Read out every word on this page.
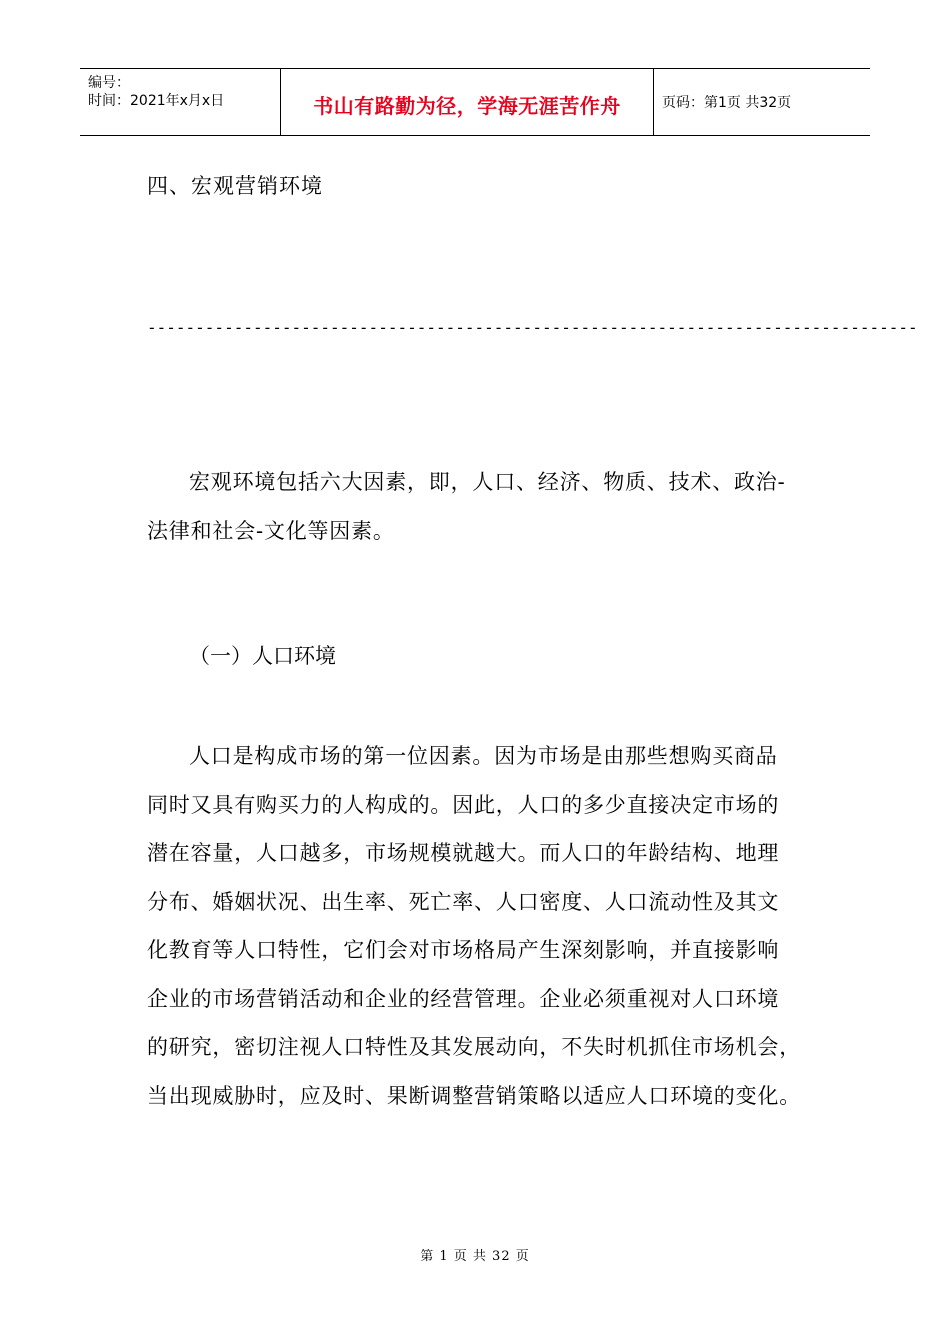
编号：
时间：2021年x月x日	书山有路勤为径，学海无涯苦作舟	页码：第1页 共32页
四、宏观营销环境
--------------------------------------------------------------------------------
宏观环境包括六大因素，即，人口、经济、物质、技术、政治-
法律和社会-文化等因素。
（一）人口环境
人口是构成市场的第一位因素。因为市场是由那些想购买商品
同时又具有购买力的人构成的。因此，人口的多少直接决定市场的
潜在容量，人口越多，市场规模就越大。而人口的年龄结构、地理
分布、婚姻状况、出生率、死亡率、人口密度、人口流动性及其文
化教育等人口特性，它们会对市场格局产生深刻影响，并直接影响
企业的市场营销活动和企业的经营管理。企业必须重视对人口环境
的研究，密切注视人口特性及其发展动向，不失时机抓住市场机会，
当出现威胁时，应及时、果断调整营销策略以适应人口环境的变化。
第 1 页 共 32 页
